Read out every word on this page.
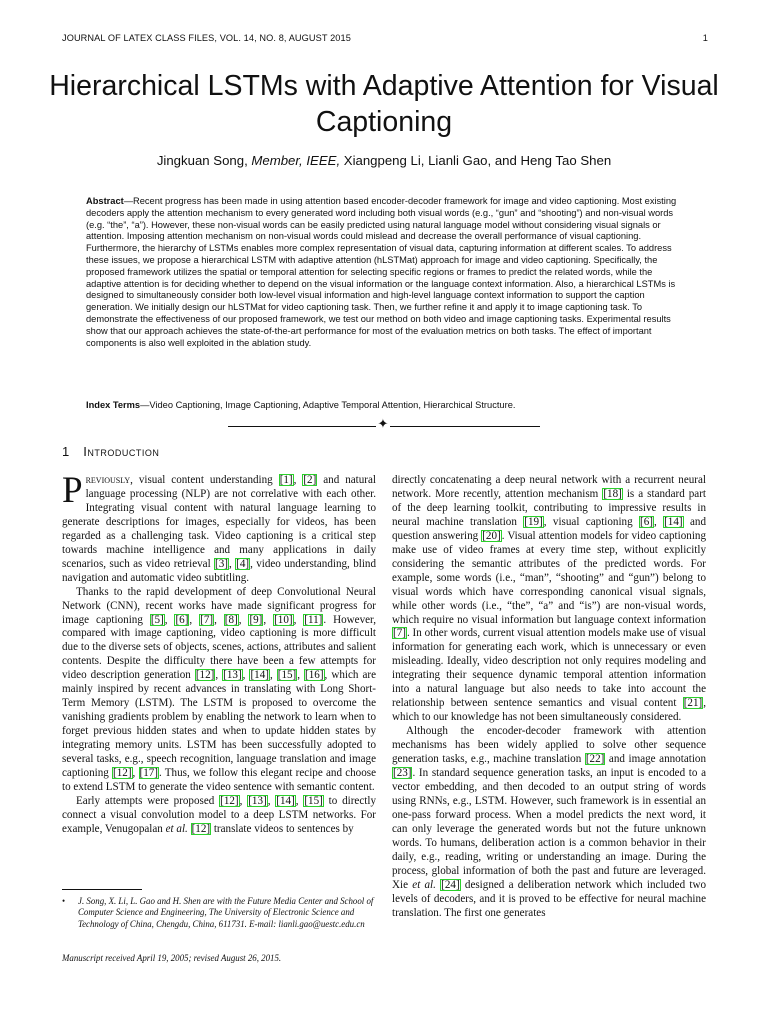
JOURNAL OF LATEX CLASS FILES, VOL. 14, NO. 8, AUGUST 2015	1
Hierarchical LSTMs with Adaptive Attention for Visual Captioning
Jingkuan Song, Member, IEEE, Xiangpeng Li, Lianli Gao, and Heng Tao Shen
Abstract—Recent progress has been made in using attention based encoder-decoder framework for image and video captioning. Most existing decoders apply the attention mechanism to every generated word including both visual words (e.g., “gun” and “shooting”) and non-visual words (e.g. “the”, “a”). However, these non-visual words can be easily predicted using natural language model without considering visual signals or attention. Imposing attention mechanism on non-visual words could mislead and decrease the overall performance of visual captioning. Furthermore, the hierarchy of LSTMs enables more complex representation of visual data, capturing information at different scales. To address these issues, we propose a hierarchical LSTM with adaptive attention (hLSTMat) approach for image and video captioning. Specifically, the proposed framework utilizes the spatial or temporal attention for selecting specific regions or frames to predict the related words, while the adaptive attention is for deciding whether to depend on the visual information or the language context information. Also, a hierarchical LSTMs is designed to simultaneously consider both low-level visual information and high-level language context information to support the caption generation. We initially design our hLSTMat for video captioning task. Then, we further refine it and apply it to image captioning task. To demonstrate the effectiveness of our proposed framework, we test our method on both video and image captioning tasks. Experimental results show that our approach achieves the state-of-the-art performance for most of the evaluation metrics on both tasks. The effect of important components is also well exploited in the ablation study.
Index Terms—Video Captioning, Image Captioning, Adaptive Temporal Attention, Hierarchical Structure.
✦
1 Introduction

Previously, visual content understanding [1], [2] and natural language processing (NLP) are not correlative with each other. Integrating visual content with natural language learning to generate descriptions for images, especially for videos, has been regarded as a challenging task. Video captioning is a critical step towards machine intelligence and many applications in daily scenarios, such as video retrieval [3], [4], video understanding, blind navigation and automatic video subtitling.

Thanks to the rapid development of deep Convolutional Neural Network (CNN), recent works have made significant progress for image captioning [5], [6], [7], [8], [9], [10], [11]. However, compared with image captioning, video captioning is more difficult due to the diverse sets of objects, scenes, actions, attributes and salient contents. Despite the difficulty there have been a few attempts for video description generation [12], [13], [14], [15], [16], which are mainly inspired by recent advances in translating with Long Short-Term Memory (LSTM). The LSTM is proposed to overcome the vanishing gradients problem by enabling the network to learn when to forget previous hidden states and when to update hidden states by integrating memory units. LSTM has been successfully adopted to several tasks, e.g., speech recognition, language translation and image captioning [12], [17]. Thus, we follow this elegant recipe and choose to extend LSTM to generate the video sentence with semantic content.

Early attempts were proposed [12], [13], [14], [15] to directly connect a visual convolution model to a deep LSTM networks. For example, Venugopalan et al. [12] translate videos to sentences by

directly concatenating a deep neural network with a recurrent neural network. More recently, attention mechanism [18] is a standard part of the deep learning toolkit, contributing to impressive results in neural machine translation [19], visual captioning [6], [14] and question answering [20]. Visual attention models for video captioning make use of video frames at every time step, without explicitly considering the semantic attributes of the predicted words. For example, some words (i.e., “man”, “shooting” and “gun”) belong to visual words which have corresponding canonical visual signals, while other words (i.e., “the”, “a” and “is”) are non-visual words, which require no visual information but language context information [7]. In other words, current visual attention models make use of visual information for generating each work, which is unnecessary or even misleading. Ideally, video description not only requires modeling and integrating their sequence dynamic temporal attention information into a natural language but also needs to take into account the relationship between sentence semantics and visual content [21], which to our knowledge has not been simultaneously considered.

Although the encoder-decoder framework with attention mechanisms has been widely applied to solve other sequence generation tasks, e.g., machine translation [22] and image annotation [23]. In standard sequence generation tasks, an input is encoded to a vector embedding, and then decoded to an output string of words using RNNs, e.g., LSTM. However, such framework is in essential an one-pass forward process. When a model predicts the next word, it can only leverage the generated words but not the future unknown words. To humans, deliberation action is a common behavior in their daily, e.g., reading, writing or understanding an image. During the process, global information of both the past and future are leveraged. Xie et al. [24] designed a deliberation network which included two levels of decoders, and it is proved to be effective for neural machine translation. The first one generates

• J. Song, X. Li, L. Gao and H. Shen are with the Future Media Center and School of Computer Science and Engineering, The University of Electronic Science and Technology of China, Chengdu, China, 611731. E-mail: lianli.gao@uestc.edu.cn
Manuscript received April 19, 2005; revised August 26, 2015.
